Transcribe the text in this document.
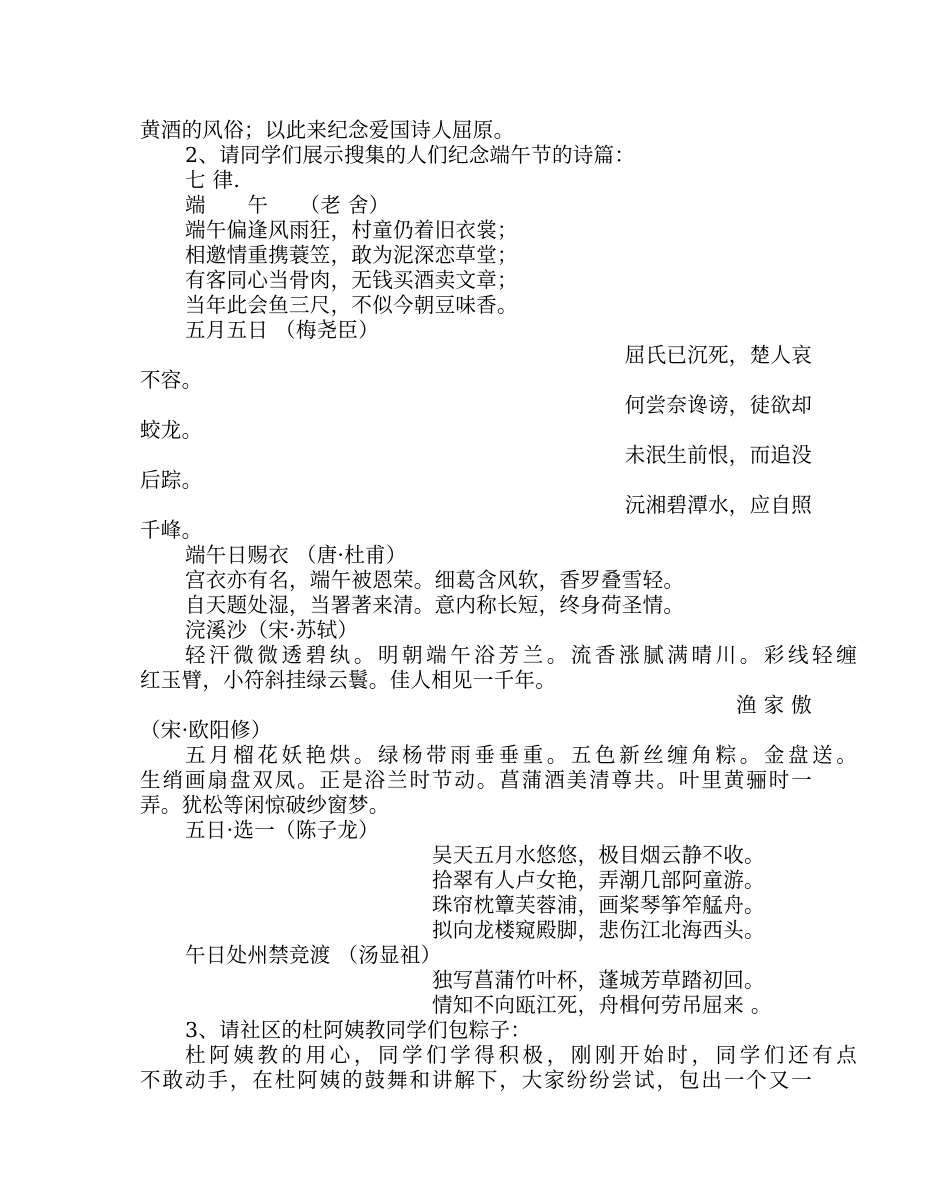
黄酒的风俗；以此来纪念爱国诗人屈原。
2、请同学们展示搜集的人们纪念端午节的诗篇：
七 律.
端　　午　　（老 舍）
端午偏逢风雨狂，村童仍着旧衣裳；
相邀情重携蓑笠，敢为泥深恋草堂；
有客同心当骨肉，无钱买酒卖文章；
当年此会鱼三尺，不似今朝豆味香。
五月五日 （梅尧臣）
屈氏已沉死，楚人哀
不容。
何尝奈谗谤，徒欲却
蛟龙。
未泯生前恨，而追没
后踪。
沅湘碧潭水，应自照
千峰。
端午日赐衣 （唐·杜甫）
宫衣亦有名，端午被恩荣。细葛含风软，香罗叠雪轻。
自天题处湿，当署著来清。意内称长短，终身荷圣情。
浣溪沙（宋·苏轼）
轻汗微微透碧纨。明朝端午浴芳兰。流香涨腻满晴川。彩线轻缠
红玉臂，小符斜挂绿云鬟。佳人相见一千年。
渔 家 傲
（宋·欧阳修）
五月榴花妖艳烘。绿杨带雨垂垂重。五色新丝缠角粽。金盘送。
生绡画扇盘双凤。正是浴兰时节动。菖蒲酒美清尊共。叶里黄骊时一
弄。犹松等闲惊破纱窗梦。
五日·选一（陈子龙）
吴天五月水悠悠，极目烟云静不收。
拾翠有人卢女艳，弄潮几部阿童游。
珠帘枕簟芙蓉浦，画桨琴筝笮艋舟。
拟向龙楼窥殿脚，悲伤江北海西头。
午日处州禁竞渡 （汤显祖）
独写菖蒲竹叶杯，蓬城芳草踏初回。
情知不向瓯江死，舟楫何劳吊屈来 。
3、请社区的杜阿姨教同学们包粽子：
杜阿姨教的用心，同学们学得积极，刚刚开始时，同学们还有点
不敢动手，在杜阿姨的鼓舞和讲解下，大家纷纷尝试，包出一个又一
